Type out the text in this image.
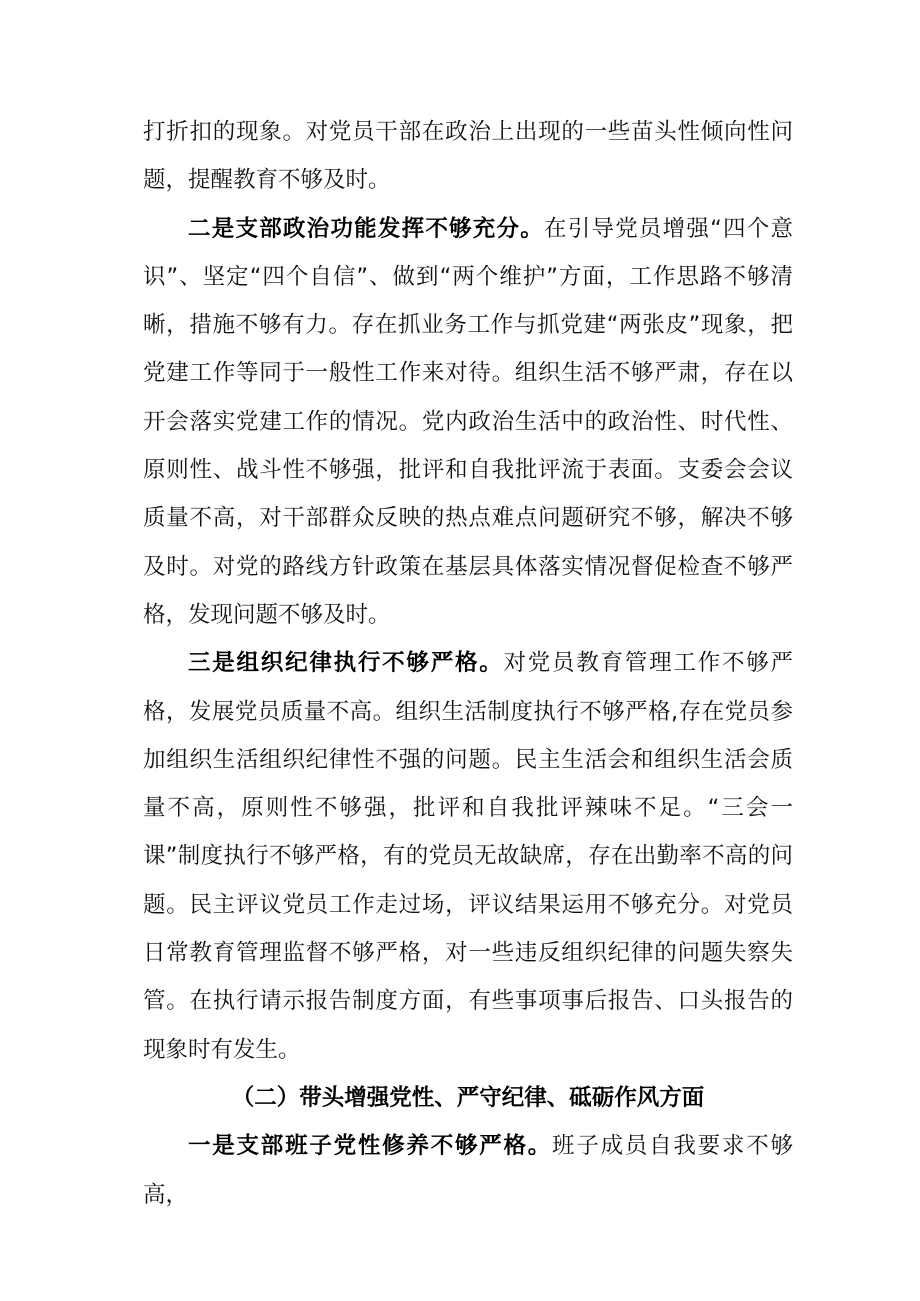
打折扣的现象。对党员干部在政治上出现的一些苗头性倾向性问题，提醒教育不够及时。

二是支部政治功能发挥不够充分。在引导党员增强“四个意识”、坚定“四个自信”、做到“两个维护”方面，工作思路不够清晰，措施不够有力。存在抓业务工作与抓党建“两张皮”现象，把党建工作等同于一般性工作来对待。组织生活不够严肃，存在以开会落实党建工作的情况。党内政治生活中的政治性、时代性、原则性、战斗性不够强，批评和自我批评流于表面。支委会会议质量不高，对干部群众反映的热点难点问题研究不够，解决不够及时。对党的路线方针政策在基层具体落实情况督促检查不够严格，发现问题不够及时。

三是组织纪律执行不够严格。对党员教育管理工作不够严格，发展党员质量不高。组织生活制度执行不够严格,存在党员参加组织生活组织纪律性不强的问题。民主生活会和组织生活会质量不高，原则性不够强，批评和自我批评辣味不足。“三会一课”制度执行不够严格，有的党员无故缺席，存在出勤率不高的问题。民主评议党员工作走过场，评议结果运用不够充分。对党员日常教育管理监督不够严格，对一些违反组织纪律的问题失察失管。在执行请示报告制度方面，有些事项事后报告、口头报告的现象时有发生。

（二）带头增强党性、严守纪律、砥砺作风方面

一是支部班子党性修养不够严格。班子成员自我要求不够高，
